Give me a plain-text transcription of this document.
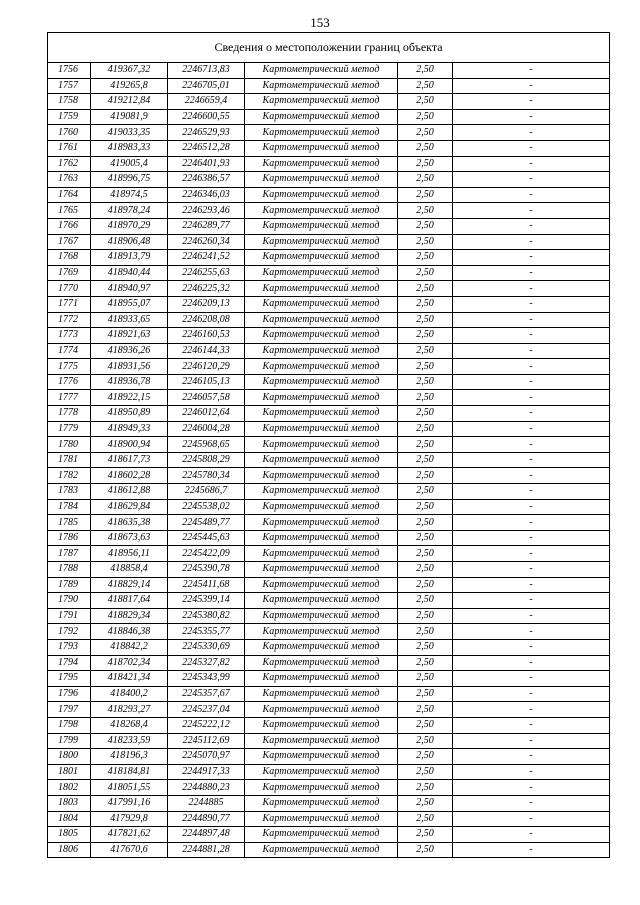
153
Сведения о местоположении границ объекта					
1756	419367,32	2246713,83	Картометрический метод	2,50	-
1757	419265,8	2246705,01	Картометрический метод	2,50	-
1758	419212,84	2246659,4	Картометрический метод	2,50	-
1759	419081,9	2246600,55	Картометрический метод	2,50	-
1760	419033,35	2246529,93	Картометрический метод	2,50	-
1761	418983,33	2246512,28	Картометрический метод	2,50	-
1762	419005,4	2246401,93	Картометрический метод	2,50	-
1763	418996,75	2246386,57	Картометрический метод	2,50	-
1764	418974,5	2246346,03	Картометрический метод	2,50	-
1765	418978,24	2246293,46	Картометрический метод	2,50	-
1766	418970,29	2246289,77	Картометрический метод	2,50	-
1767	418906,48	2246260,34	Картометрический метод	2,50	-
1768	418913,79	2246241,52	Картометрический метод	2,50	-
1769	418940,44	2246255,63	Картометрический метод	2,50	-
1770	418940,97	2246225,32	Картометрический метод	2,50	-
1771	418955,07	2246209,13	Картометрический метод	2,50	-
1772	418933,65	2246208,08	Картометрический метод	2,50	-
1773	418921,63	2246160,53	Картометрический метод	2,50	-
1774	418936,26	2246144,33	Картометрический метод	2,50	-
1775	418931,56	2246120,29	Картометрический метод	2,50	-
1776	418936,78	2246105,13	Картометрический метод	2,50	-
1777	418922,15	2246057,58	Картометрический метод	2,50	-
1778	418950,89	2246012,64	Картометрический метод	2,50	-
1779	418949,33	2246004,28	Картометрический метод	2,50	-
1780	418900,94	2245968,65	Картометрический метод	2,50	-
1781	418617,73	2245808,29	Картометрический метод	2,50	-
1782	418602,28	2245780,34	Картометрический метод	2,50	-
1783	418612,88	2245686,7	Картометрический метод	2,50	-
1784	418629,84	2245538,02	Картометрический метод	2,50	-
1785	418635,38	2245489,77	Картометрический метод	2,50	-
1786	418673,63	2245445,63	Картометрический метод	2,50	-
1787	418956,11	2245422,09	Картометрический метод	2,50	-
1788	418858,4	2245390,78	Картометрический метод	2,50	-
1789	418829,14	2245411,68	Картометрический метод	2,50	-
1790	418817,64	2245399,14	Картометрический метод	2,50	-
1791	418829,34	2245380,82	Картометрический метод	2,50	-
1792	418846,38	2245355,77	Картометрический метод	2,50	-
1793	418842,2	2245330,69	Картометрический метод	2,50	-
1794	418702,34	2245327,82	Картометрический метод	2,50	-
1795	418421,34	2245343,99	Картометрический метод	2,50	-
1796	418400,2	2245357,67	Картометрический метод	2,50	-
1797	418293,27	2245237,04	Картометрический метод	2,50	-
1798	418268,4	2245222,12	Картометрический метод	2,50	-
1799	418233,59	2245112,69	Картометрический метод	2,50	-
1800	418196,3	2245070,97	Картометрический метод	2,50	-
1801	418184,81	2244917,33	Картометрический метод	2,50	-
1802	418051,55	2244880,23	Картометрический метод	2,50	-
1803	417991,16	2244885	Картометрический метод	2,50	-
1804	417929,8	2244890,77	Картометрический метод	2,50	-
1805	417821,62	2244897,48	Картометрический метод	2,50	-
1806	417670,6	2244881,28	Картометрический метод	2,50	-
